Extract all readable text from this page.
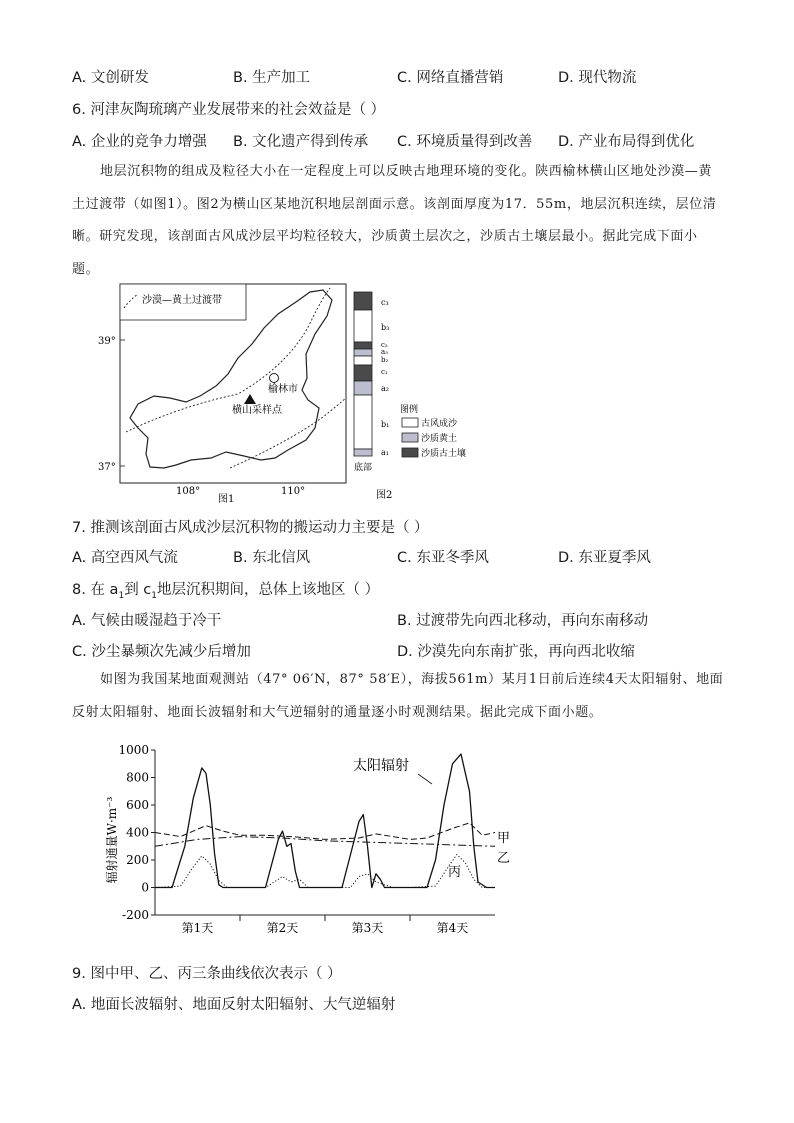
A. 文创研发	B. 生产加工	C. 网络直播营销	D. 现代物流
6. 河津灰陶琉璃产业发展带来的社会效益是（ ）
A. 企业的竞争力增强 B. 文化遗产得到传承 C. 环境质量得到改善 D. 产业布局得到优化
地层沉积物的组成及粒径大小在一定程度上可以反映古地理环境的变化。陕西榆林横山区地处沙漠—黄土过渡带（如图1）。图2为横山区某地沉积地层剖面示意。该剖面厚度为17．55m，地层沉积连续，层位清晰。研究发现，该剖面古风成沙层平均粒径较大，沙质黄土层次之，沙质古土壤层最小。据此完成下面小题。
沙漠—黄土过渡带
39°
37°
108°	110°
榆林市
横山采样点
图1
c₃
b₃
c₂
a₃
b₂
c₁
a₂
b₁
a₁
底部
图2
图例
古风成沙
沙质黄土
沙质古土壤
7. 推测该剖面古风成沙层沉积物的搬运动力主要是（ ）
A. 高空西风气流	B. 东北信风	C. 东亚冬季风	D. 东亚夏季风
8. 在 $a_1$到 $c_1$地层沉积期间，总体上该地区（ ）
A. 气候由暖湿趋于冷干	B. 过渡带先向西北移动，再向东南移动
C. 沙尘暴频次先减少后增加	D. 沙漠先向东南扩张，再向西北收缩
如图为我国某地面观测站（47° 06′N，87° 58′E），海拔561m）某月1日前后连续4天太阳辐射、地面反射太阳辐射、地面长波辐射和大气逆辐射的通量逐小时观测结果。据此完成下面小题。
辐射通量W·m⁻³
1000
800
600
400
200
0
-200
第1天	第2天	第3天	第4天
太阳辐射
甲
乙
丙
9. 图中甲、乙、丙三条曲线依次表示（ ）
A. 地面长波辐射、地面反射太阳辐射、大气逆辐射
